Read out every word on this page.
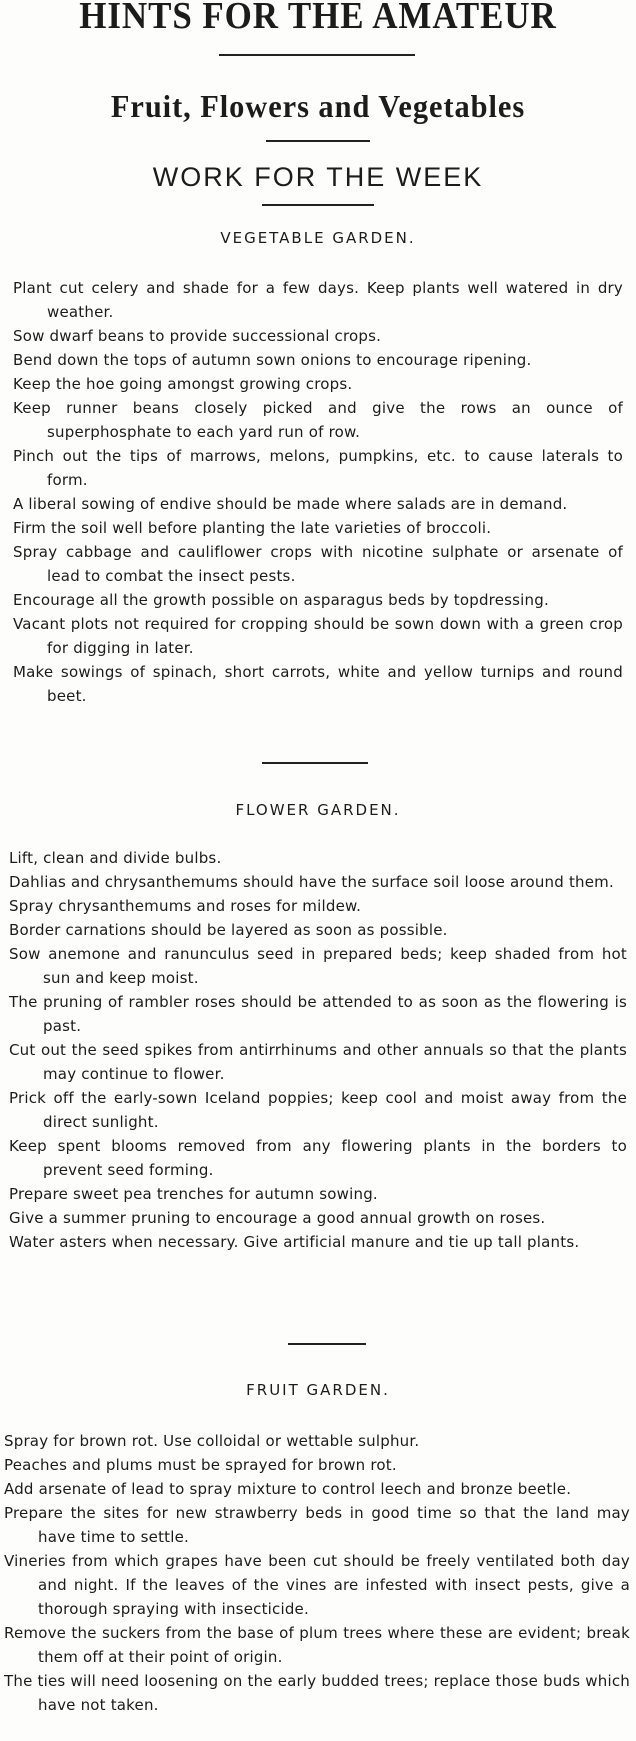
HINTS FOR THE AMATEUR
Fruit, Flowers and Vegetables
WORK FOR THE WEEK
VEGETABLE GARDEN.
Plant cut celery and shade for a few days. Keep plants well watered in dry weather.
Sow dwarf beans to provide successional crops.
Bend down the tops of autumn sown onions to encourage ripening.
Keep the hoe going amongst growing crops.
Keep runner beans closely picked and give the rows an ounce of superphosphate to each yard run of row.
Pinch out the tips of marrows, melons, pumpkins, etc. to cause laterals to form.
A liberal sowing of endive should be made where salads are in demand.
Firm the soil well before planting the late varieties of broccoli.
Spray cabbage and cauliflower crops with nicotine sulphate or arsenate of lead to combat the insect pests.
Encourage all the growth possible on asparagus beds by topdressing.
Vacant plots not required for cropping should be sown down with a green crop for digging in later.
Make sowings of spinach, short carrots, white and yellow turnips and round beet.
FLOWER GARDEN.
Lift, clean and divide bulbs.
Dahlias and chrysanthemums should have the surface soil loose around them.
Spray chrysanthemums and roses for mildew.
Border carnations should be layered as soon as possible.
Sow anemone and ranunculus seed in prepared beds; keep shaded from hot sun and keep moist.
The pruning of rambler roses should be attended to as soon as the flowering is past.
Cut out the seed spikes from antirrhinums and other annuals so that the plants may continue to flower.
Prick off the early-sown Iceland poppies; keep cool and moist away from the direct sunlight.
Keep spent blooms removed from any flowering plants in the borders to prevent seed forming.
Prepare sweet pea trenches for autumn sowing.
Give a summer pruning to encourage a good annual growth on roses.
Water asters when necessary. Give artificial manure and tie up tall plants.
FRUIT GARDEN.
Spray for brown rot. Use colloidal or wettable sulphur.
Peaches and plums must be sprayed for brown rot.
Add arsenate of lead to spray mixture to control leech and bronze beetle.
Prepare the sites for new strawberry beds in good time so that the land may have time to settle.
Vineries from which grapes have been cut should be freely ventilated both day and night. If the leaves of the vines are infested with insect pests, give a thorough spraying with insecticide.
Remove the suckers from the base of plum trees where these are evident; break them off at their point of origin.
The ties will need loosening on the early budded trees; replace those buds which have not taken.
